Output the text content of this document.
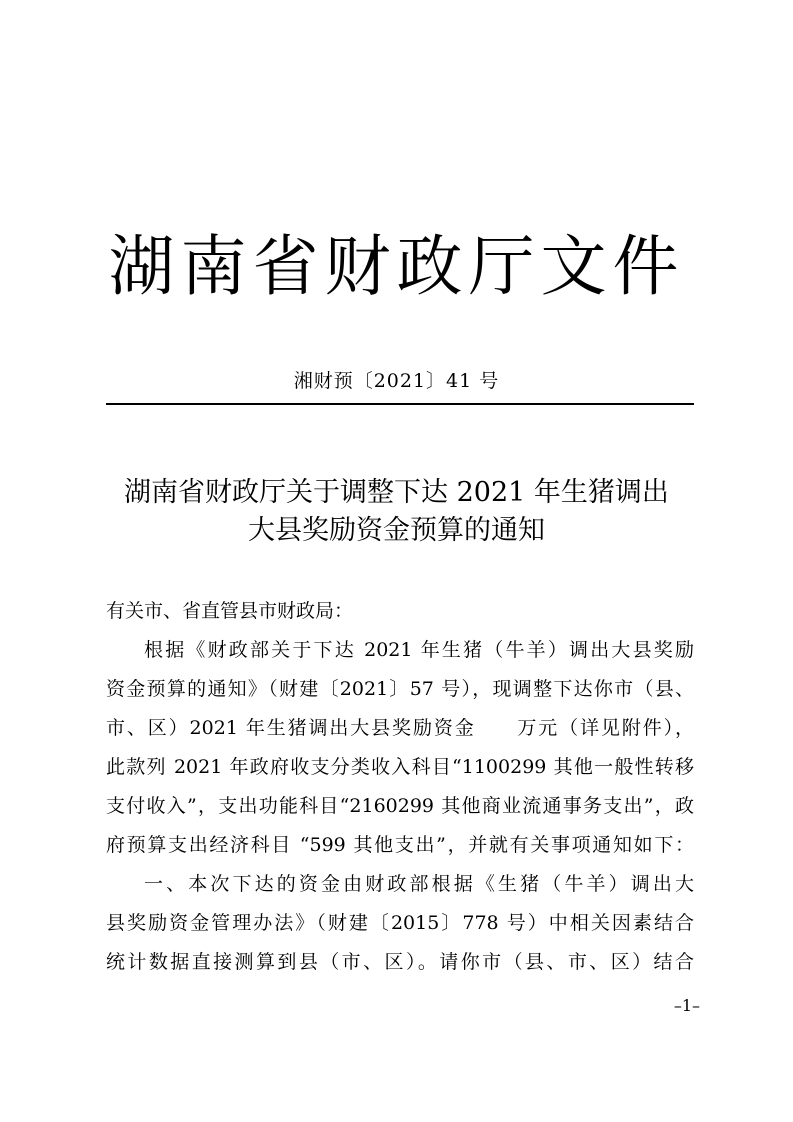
湖南省财政厅文件
湘财预〔2021〕41 号
湖南省财政厅关于调整下达 2021 年生猪调出
大县奖励资金预算的通知
有关市、省直管县市财政局：
根据《财政部关于下达 2021 年生猪（牛羊）调出大县奖励
资金预算的通知》（财建〔2021〕57 号），现调整下达你市（县、
市、区）2021 年生猪调出大县奖励资金　　万元（详见附件），
此款列 2021 年政府收支分类收入科目“1100299 其他一般性转移
支付收入”，支出功能科目“2160299 其他商业流通事务支出”，政
府预算支出经济科目 “599 其他支出”，并就有关事项通知如下：
一、本次下达的资金由财政部根据《生猪（牛羊）调出大
县奖励资金管理办法》（财建〔2015〕778 号）中相关因素结合
统计数据直接测算到县（市、区）。请你市（县、市、区）结合
–1–
